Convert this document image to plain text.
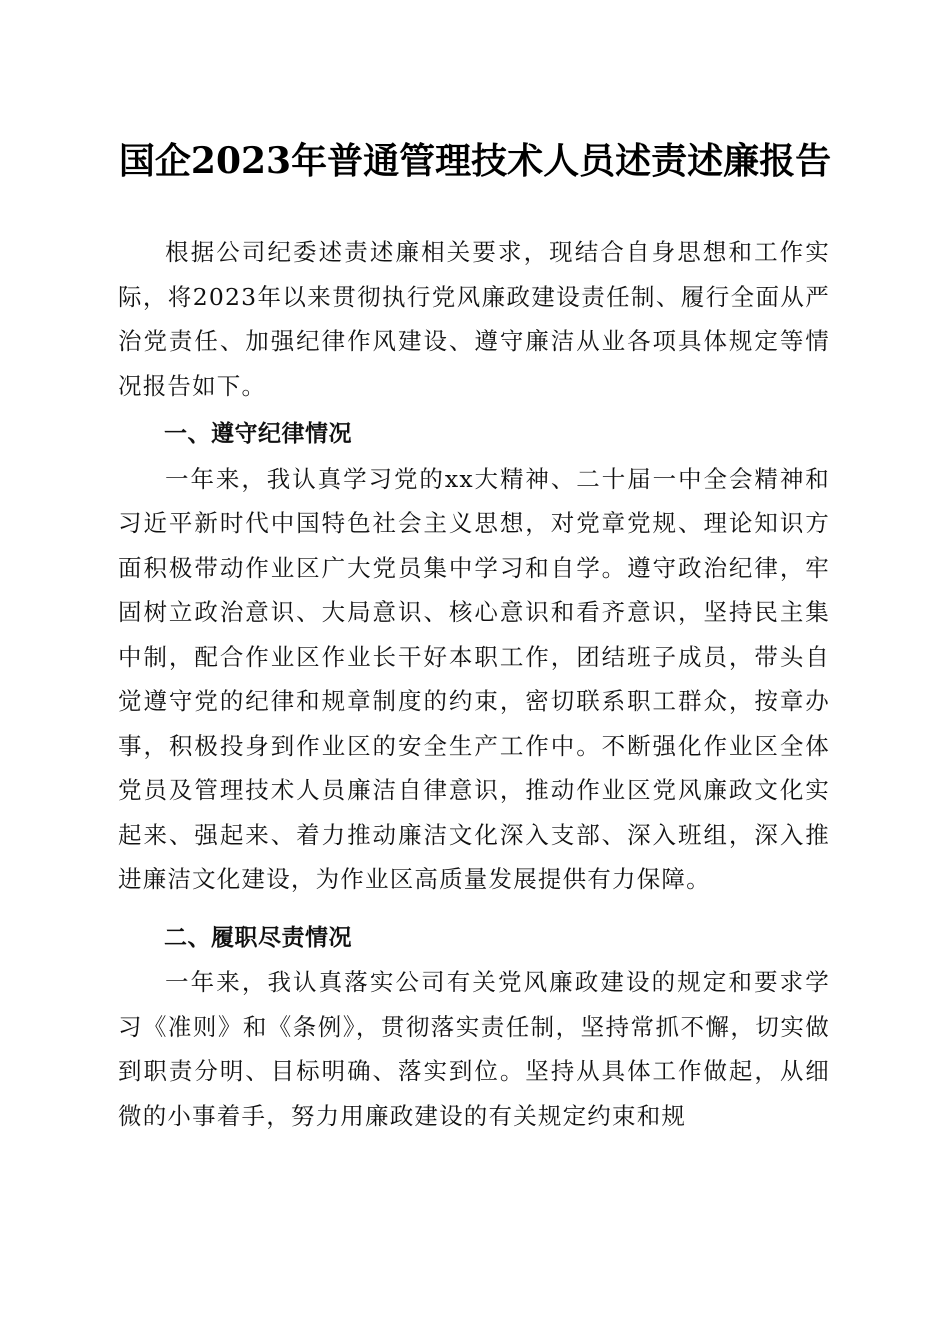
国企2023年普通管理技术人员述责述廉报告

根据公司纪委述责述廉相关要求，现结合自身思想和工作实际，将2023年以来贯彻执行党风廉政建设责任制、履行全面从严治党责任、加强纪律作风建设、遵守廉洁从业各项具体规定等情况报告如下。

一、遵守纪律情况

一年来，我认真学习党的xx大精神、二十届一中全会精神和习近平新时代中国特色社会主义思想，对党章党规、理论知识方面积极带动作业区广大党员集中学习和自学。遵守政治纪律，牢固树立政治意识、大局意识、核心意识和看齐意识，坚持民主集中制，配合作业区作业长干好本职工作，团结班子成员，带头自觉遵守党的纪律和规章制度的约束，密切联系职工群众，按章办事，积极投身到作业区的安全生产工作中。不断强化作业区全体党员及管理技术人员廉洁自律意识，推动作业区党风廉政文化实起来、强起来、着力推动廉洁文化深入支部、深入班组，深入推进廉洁文化建设，为作业区高质量发展提供有力保障。

二、履职尽责情况

一年来，我认真落实公司有关党风廉政建设的规定和要求学习《准则》和《条例》，贯彻落实责任制，坚持常抓不懈，切实做到职责分明、目标明确、落实到位。坚持从具体工作做起，从细微的小事着手，努力用廉政建设的有关规定约束和规
